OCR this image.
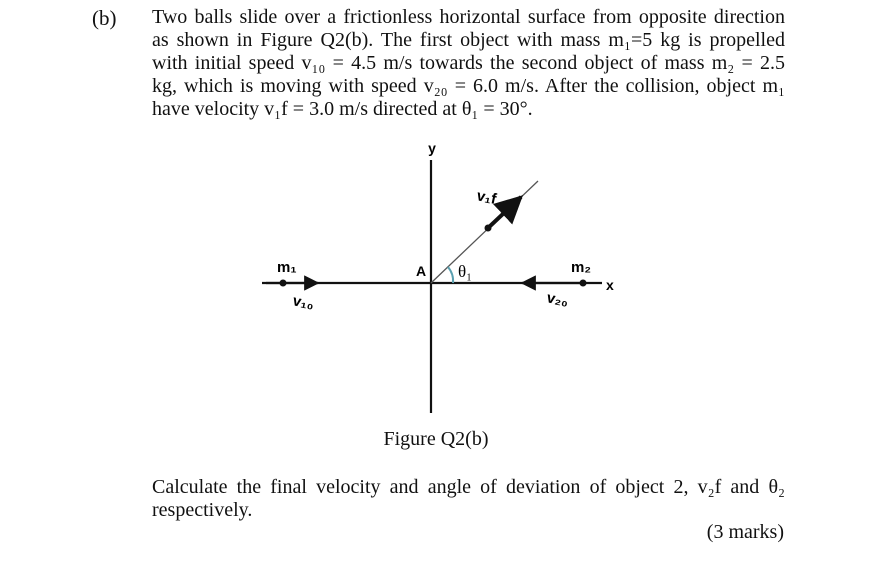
(b) Two balls slide over a frictionless horizontal surface from opposite direction
as shown in Figure Q2(b). The first object with mass m₁=5 kg is propelled
with initial speed v₁₀ = 4.5 m/s towards the second object of mass m₂ = 2.5
kg, which is moving with speed v₂₀ = 6.0 m/s. After the collision, object m₁
have velocity v₁f = 3.0 m/s directed at θ₁ = 30°.
y
x
A
m₁	m₂
v₁₀	v₂₀
v₁f
θ₁
Figure Q2(b)
Calculate the final velocity and angle of deviation of object 2, v₂f and θ₂
respectively.
(3 marks)
